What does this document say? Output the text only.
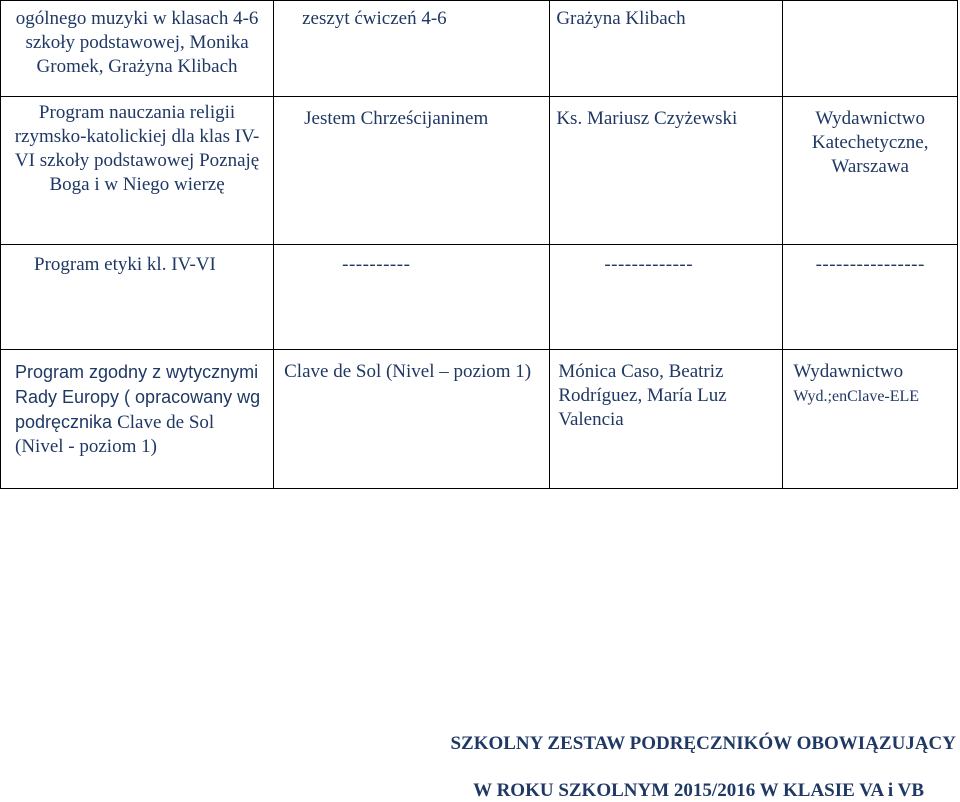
ogólnego muzyki w klasach 4-6 szkoły podstawowej, Monika Gromek, Grażyna Klibach	zeszyt ćwiczeń 4-6	Grażyna Klibach	
Program nauczania religii rzymsko-katolickiej dla klas IV- VI szkoły podstawowej Poznaję Boga i w Niego wierzę	Jestem Chrześcijaninem	Ks. Mariusz Czyżewski	Wydawnictwo Katechetyczne, Warszawa
Program etyki kl. IV-VI	----------	-------------	----------------
Program zgodny z wytycznymi Rady Europy ( opracowany wg podręcznika Clave de Sol (Nivel - poziom 1)	Clave de Sol (Nivel – poziom 1)	Mónica Caso, Beatriz Rodríguez, María Luz Valencia	Wydawnictwo
Wyd.;enClave-ELE
SZKOLNY ZESTAW PODRĘCZNIKÓW OBOWIĄZUJĄCY
W ROKU SZKOLNYM 2015/2016 W KLASIE VA i VB
